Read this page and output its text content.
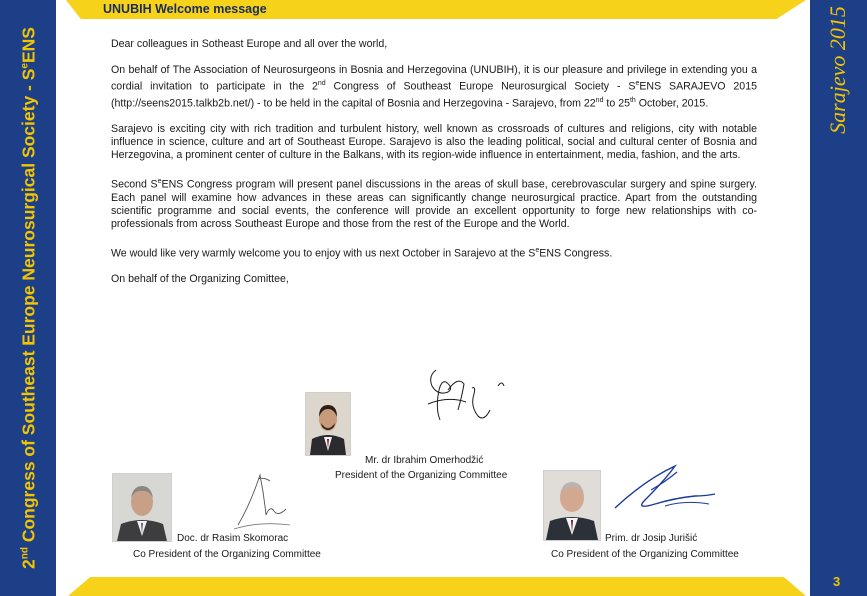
2nd Congress of Southeast Europe Neurosurgical Society - $S^eENS$	Sarajevo 2015
3
UNUBIH Welcome message

Dear colleagues in Sotheast Europe and all over the world,

On behalf of The Association of Neurosurgeons in Bosnia and Herzegovina (UNUBIH), it is our pleasure and privilege in extending you a cordial invitation to participate in the 2nd Congress of Southeast Europe Neurosurgical Society - $S^eENS$ SARAJEVO 2015 (http://seens2015.talkb2b.net/) - to be held in the capital of Bosnia and Herzegovina - Sarajevo, from 22nd to 25th October, 2015.

Sarajevo is exciting city with rich tradition and turbulent history, well known as crossroads of cultures and religions, city with notable influence in science, culture and art of Southeast Europe. Sarajevo is also the leading political, social and cultural center of Bosnia and Herzegovina, a prominent center of culture in the Balkans, with its region-wide influence in entertainment, media, fashion, and the arts.

Second $S^eENS$ Congress program will present panel discussions in the areas of skull base, cerebrovascular surgery and spine surgery. Each panel will examine how advances in these areas can significantly change neurosurgical practice. Apart from the outstanding scientific programme and social events, the conference will provide an excellent opportunity to forge new relationships with co-professionals from across Southeast Europe and those from the rest of the Europe and the World.

We would like very warmly welcome you to enjoy with us next October in Sarajevo at the $S^eENS$ Congress.

On behalf of the Organizing Comittee,

Mr. dr Ibrahim Omerhodžić
President of the Organizing Committee
Doc. dr Rasim Skomorac
Co President of the Organizing Committee
Prim. dr Josip Jurišić
Co President of the Organizing Committee
